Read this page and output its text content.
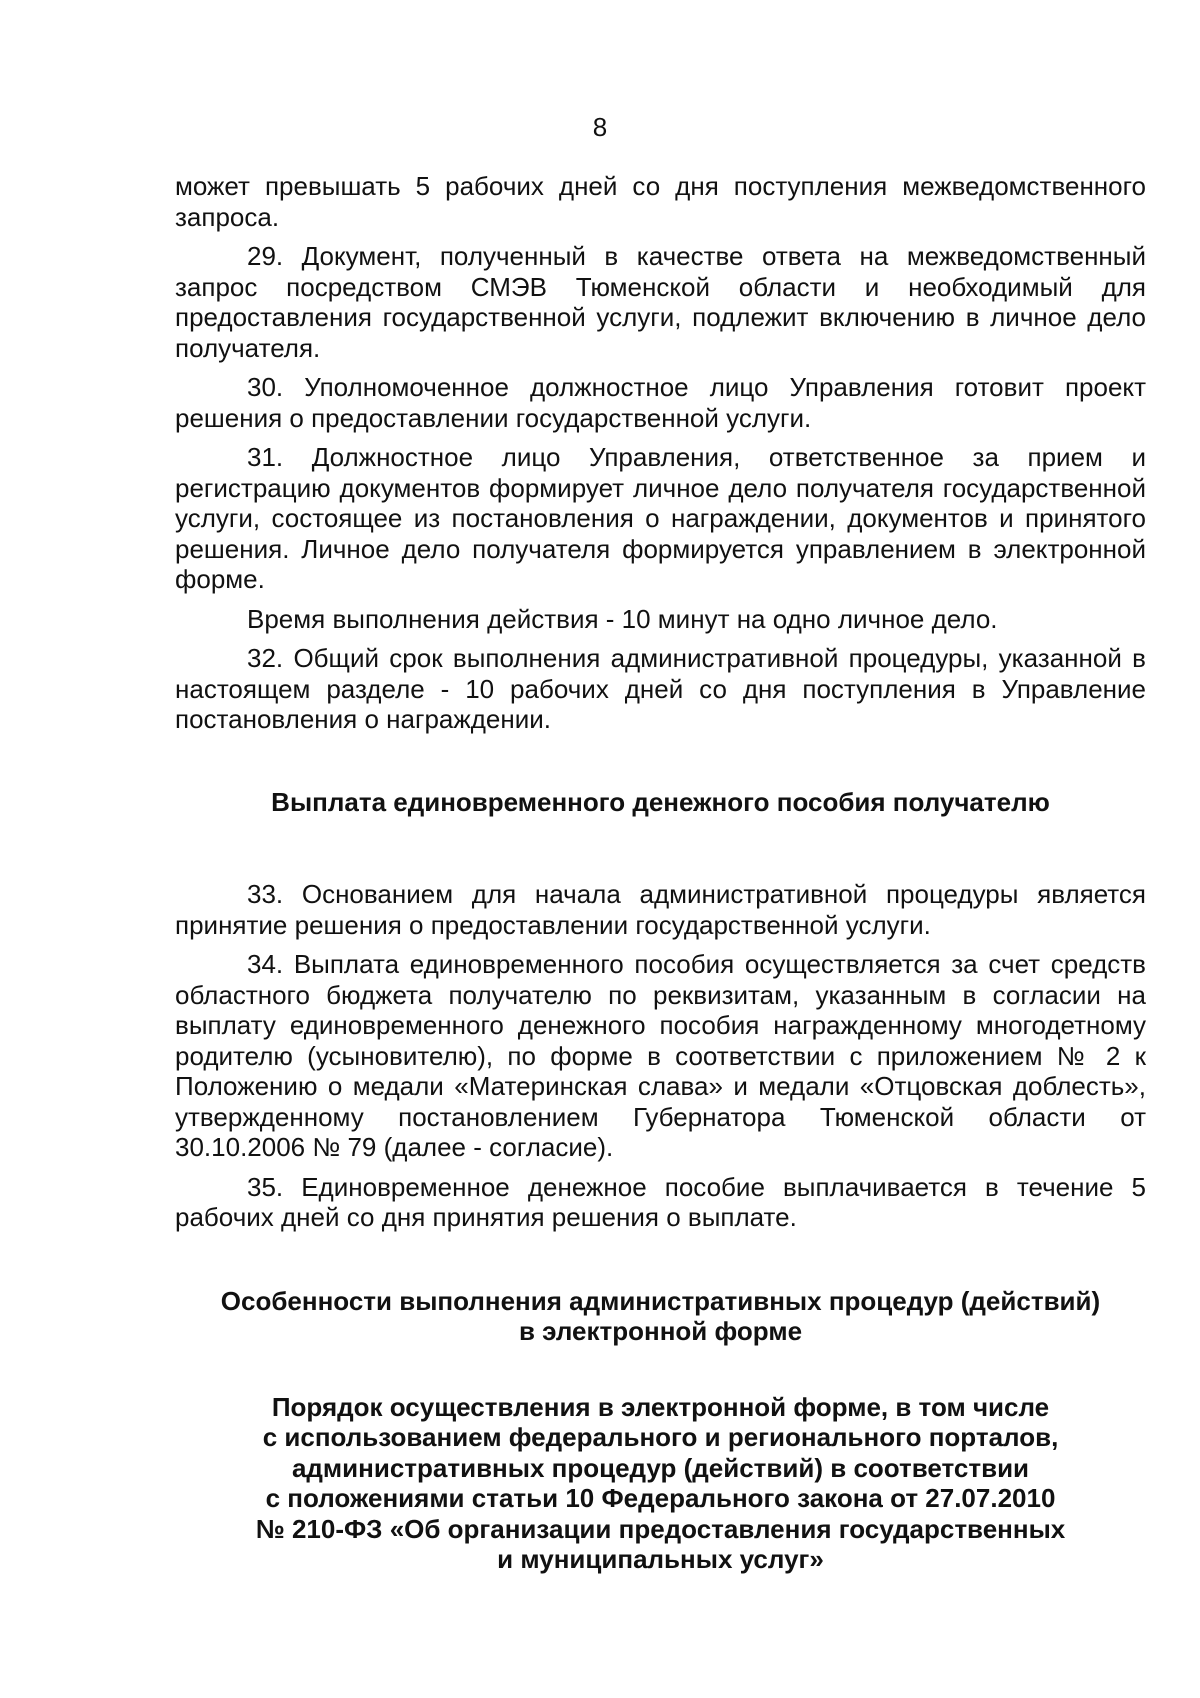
8

может превышать 5 рабочих дней со дня поступления межведомственного запроса.

29. Документ, полученный в качестве ответа на межведомственный запрос посредством СМЭВ Тюменской области и необходимый для предоставления государственной услуги, подлежит включению в личное дело получателя.

30. Уполномоченное должностное лицо Управления готовит проект решения о предоставлении государственной услуги.

31. Должностное лицо Управления, ответственное за прием и регистрацию документов формирует личное дело получателя государственной услуги, состоящее из постановления о награждении, документов и принятого решения. Личное дело получателя формируется управлением в электронной форме.

Время выполнения действия - 10 минут на одно личное дело.

32. Общий срок выполнения административной процедуры, указанной в настоящем разделе - 10 рабочих дней со дня поступления в Управление постановления о награждении.

Выплата единовременного денежного пособия получателю

33. Основанием для начала административной процедуры является принятие решения о предоставлении государственной услуги.

34. Выплата единовременного пособия осуществляется за счет средств областного бюджета получателю по реквизитам, указанным в согласии на выплату единовременного денежного пособия награжденному многодетному родителю (усыновителю), по форме в соответствии с приложением № 2 к Положению о медали «Материнская слава» и медали «Отцовская доблесть», утвержденному постановлением Губернатора Тюменской области от 30.10.2006 № 79 (далее - согласие).

35. Единовременное денежное пособие выплачивается в течение 5 рабочих дней со дня принятия решения о выплате.

Особенности выполнения административных процедур (действий)
в электронной форме
Порядок осуществления в электронной форме, в том числе
с использованием федерального и регионального порталов,
административных процедур (действий) в соответствии
с положениями статьи 10 Федерального закона от 27.07.2010
№ 210-ФЗ «Об организации предоставления государственных
и муниципальных услуг»
